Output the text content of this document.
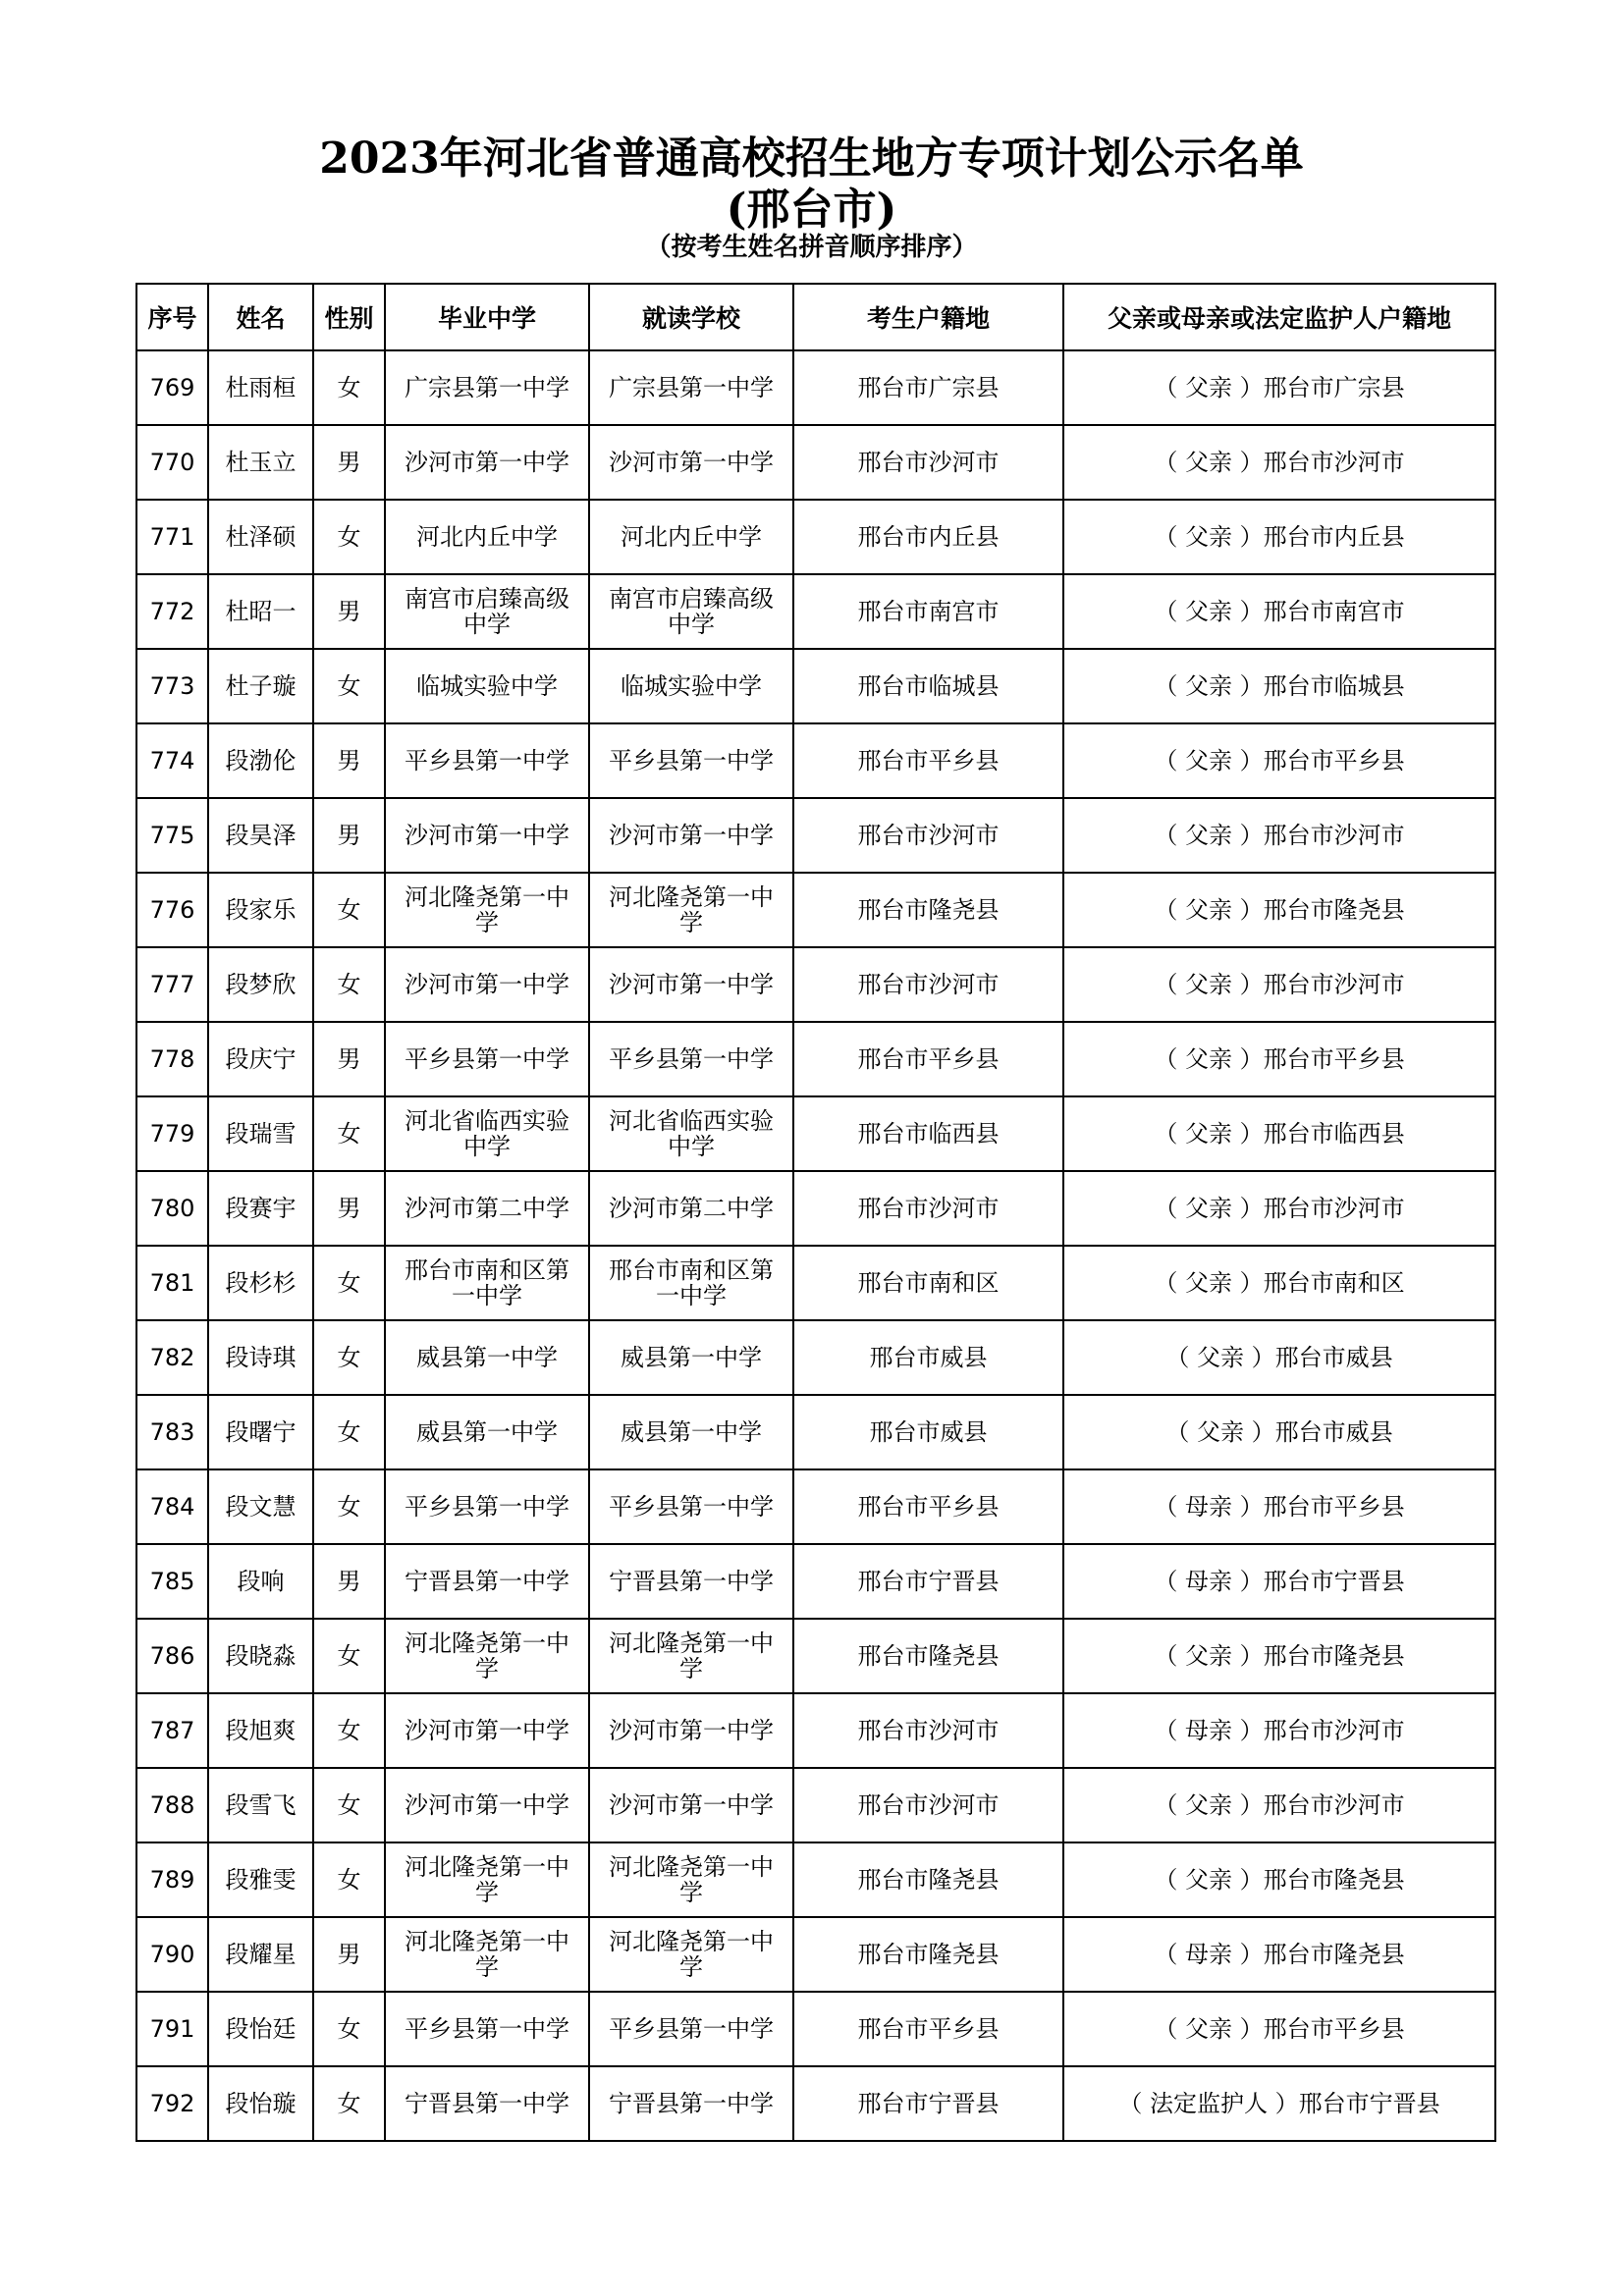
2023年河北省普通高校招生地方专项计划公示名单
(邢台市)
（按考生姓名拼音顺序排序）
序号	姓名	性别	毕业中学	就读学校	考生户籍地	父亲或母亲或法定监护人户籍地
769	杜雨桓	女	广宗县第一中学	广宗县第一中学	邢台市广宗县	（ 父亲 ）邢台市广宗县
770	杜玉立	男	沙河市第一中学	沙河市第一中学	邢台市沙河市	（ 父亲 ）邢台市沙河市
771	杜泽硕	女	河北内丘中学	河北内丘中学	邢台市内丘县	（ 父亲 ）邢台市内丘县
772	杜昭一	男	南宫市启臻高级中学	南宫市启臻高级中学	邢台市南宫市	（ 父亲 ）邢台市南宫市
773	杜子璇	女	临城实验中学	临城实验中学	邢台市临城县	（ 父亲 ）邢台市临城县
774	段渤伦	男	平乡县第一中学	平乡县第一中学	邢台市平乡县	（ 父亲 ）邢台市平乡县
775	段昊泽	男	沙河市第一中学	沙河市第一中学	邢台市沙河市	（ 父亲 ）邢台市沙河市
776	段家乐	女	河北隆尧第一中学	河北隆尧第一中学	邢台市隆尧县	（ 父亲 ）邢台市隆尧县
777	段梦欣	女	沙河市第一中学	沙河市第一中学	邢台市沙河市	（ 父亲 ）邢台市沙河市
778	段庆宁	男	平乡县第一中学	平乡县第一中学	邢台市平乡县	（ 父亲 ）邢台市平乡县
779	段瑞雪	女	河北省临西实验中学	河北省临西实验中学	邢台市临西县	（ 父亲 ）邢台市临西县
780	段赛宇	男	沙河市第二中学	沙河市第二中学	邢台市沙河市	（ 父亲 ）邢台市沙河市
781	段杉杉	女	邢台市南和区第一中学	邢台市南和区第一中学	邢台市南和区	（ 父亲 ）邢台市南和区
782	段诗琪	女	威县第一中学	威县第一中学	邢台市威县	（ 父亲 ）邢台市威县
783	段曙宁	女	威县第一中学	威县第一中学	邢台市威县	（ 父亲 ）邢台市威县
784	段文慧	女	平乡县第一中学	平乡县第一中学	邢台市平乡县	（ 母亲 ）邢台市平乡县
785	段响	男	宁晋县第一中学	宁晋县第一中学	邢台市宁晋县	（ 母亲 ）邢台市宁晋县
786	段晓淼	女	河北隆尧第一中学	河北隆尧第一中学	邢台市隆尧县	（ 父亲 ）邢台市隆尧县
787	段旭爽	女	沙河市第一中学	沙河市第一中学	邢台市沙河市	（ 母亲 ）邢台市沙河市
788	段雪飞	女	沙河市第一中学	沙河市第一中学	邢台市沙河市	（ 父亲 ）邢台市沙河市
789	段雅雯	女	河北隆尧第一中学	河北隆尧第一中学	邢台市隆尧县	（ 父亲 ）邢台市隆尧县
790	段耀星	男	河北隆尧第一中学	河北隆尧第一中学	邢台市隆尧县	（ 母亲 ）邢台市隆尧县
791	段怡廷	女	平乡县第一中学	平乡县第一中学	邢台市平乡县	（ 父亲 ）邢台市平乡县
792	段怡璇	女	宁晋县第一中学	宁晋县第一中学	邢台市宁晋县	（ 法定监护人 ）邢台市宁晋县
